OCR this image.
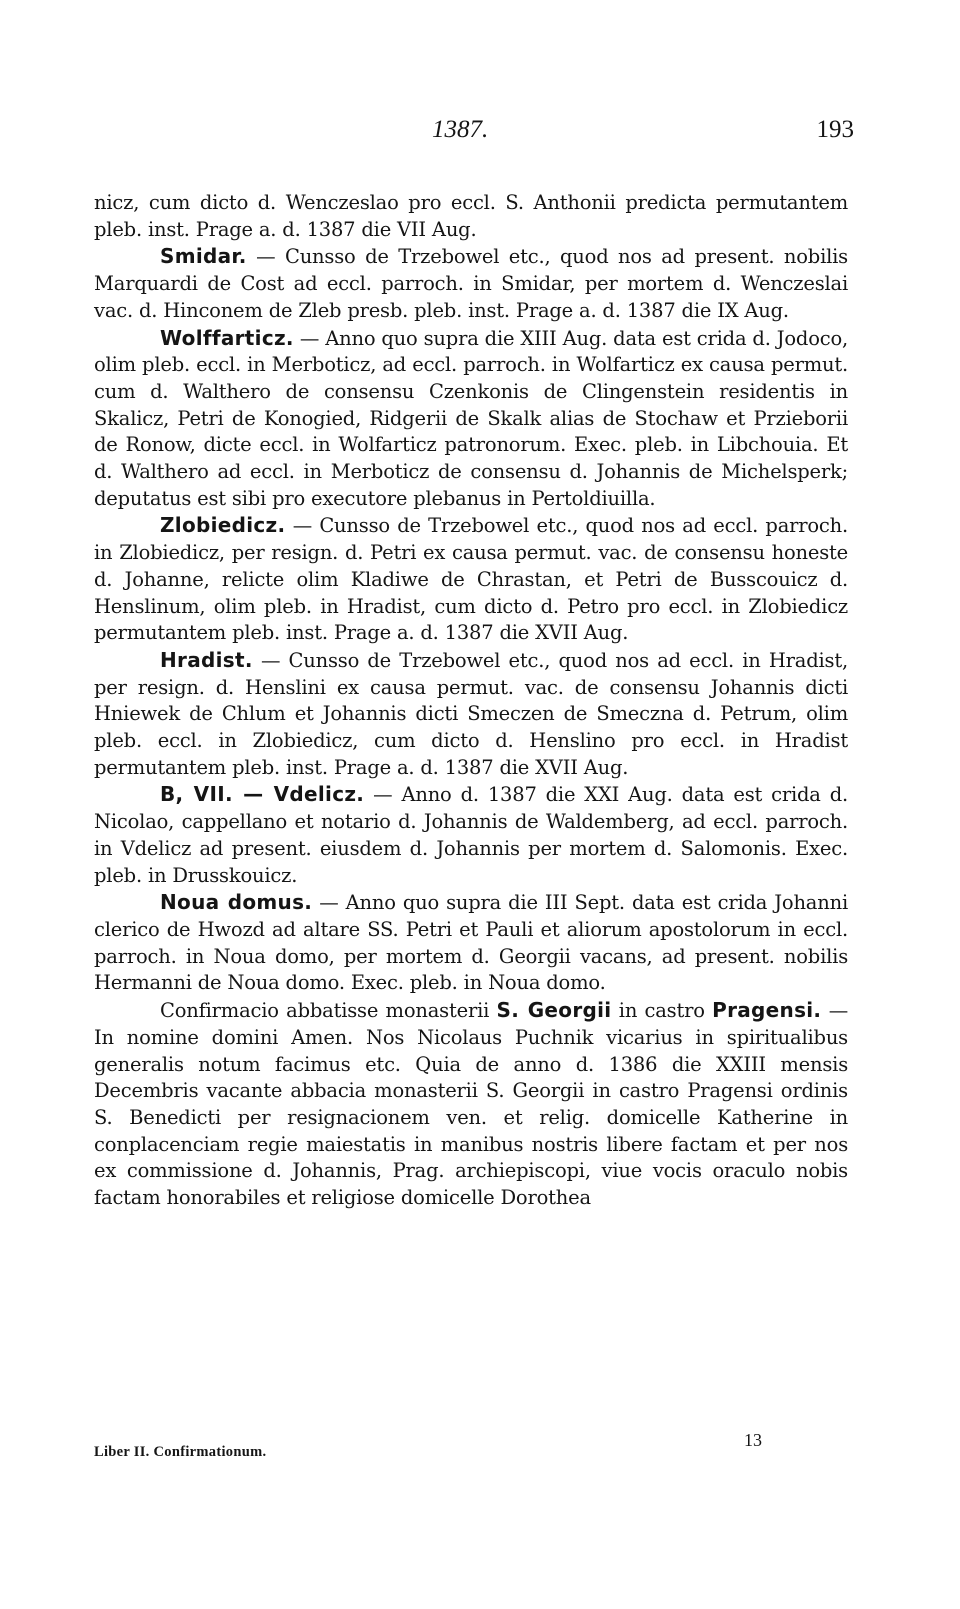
1387.	193

nicz, cum dicto d. Wenczeslao pro eccl. S. Anthonii predicta permutantem pleb. inst. Prage a. d. 1387 die VII Aug.

Smidar. — Cunsso de Trzebowel etc., quod nos ad present. nobilis Marquardi de Cost ad eccl. parroch. in Smidar, per mortem d. Wenczeslai vac. d. Hinconem de Zleb presb. pleb. inst. Prage a. d. 1387 die IX Aug.

Wolffarticz. — Anno quo supra die XIII Aug. data est crida d. Jodoco, olim pleb. eccl. in Merboticz, ad eccl. parroch. in Wolfarticz ex causa permut. cum d. Walthero de consensu Czenkonis de Clingenstein residentis in Skalicz, Petri de Konogied, Ridgerii de Skalk alias de Stochaw et Przieborii de Ronow, dicte eccl. in Wolfarticz patronorum. Exec. pleb. in Libchouia. Et d. Walthero ad eccl. in Merboticz de consensu d. Johannis de Michelsperk; deputatus est sibi pro executore plebanus in Pertoldiuilla.

Zlobiedicz. — Cunsso de Trzebowel etc., quod nos ad eccl. parroch. in Zlobiedicz, per resign. d. Petri ex causa permut. vac. de consensu honeste d. Johanne, relicte olim Kladiwe de Chrastan, et Petri de Busscouicz d. Henslinum, olim pleb. in Hradist, cum dicto d. Petro pro eccl. in Zlobiedicz permutantem pleb. inst. Prage a. d. 1387 die XVII Aug.

Hradist. — Cunsso de Trzebowel etc., quod nos ad eccl. in Hradist, per resign. d. Henslini ex causa permut. vac. de consensu Johannis dicti Hniewek de Chlum et Johannis dicti Smeczen de Smeczna d. Petrum, olim pleb. eccl. in Zlobiedicz, cum dicto d. Henslino pro eccl. in Hradist permutantem pleb. inst. Prage a. d. 1387 die XVII Aug.

B, VII. — Vdelicz. — Anno d. 1387 die XXI Aug. data est crida d. Nicolao, cappellano et notario d. Johannis de Waldemberg, ad eccl. parroch. in Vdelicz ad present. eiusdem d. Johannis per mortem d. Salomonis. Exec. pleb. in Drusskouicz.

Noua domus. — Anno quo supra die III Sept. data est crida Johanni clerico de Hwozd ad altare SS. Petri et Pauli et aliorum apostolorum in eccl. parroch. in Noua domo, per mortem d. Georgii vacans, ad present. nobilis Hermanni de Noua domo. Exec. pleb. in Noua domo.

Confirmacio abbatisse monasterii S. Georgii in castro Pragensi. — In nomine domini Amen. Nos Nicolaus Puchnik vicarius in spiritualibus generalis notum facimus etc. Quia de anno d. 1386 die XXIII mensis Decembris vacante abbacia monasterii S. Georgii in castro Pragensi ordinis S. Benedicti per resignacionem ven. et relig. domicelle Katherine in conplacenciam regie maiestatis in manibus nostris libere factam et per nos ex commissione d. Johannis, Prag. archiepiscopi, viue vocis oraculo nobis factam honorabiles et religiose domicelle Dorothea

13
Liber II. Confirmationum.
